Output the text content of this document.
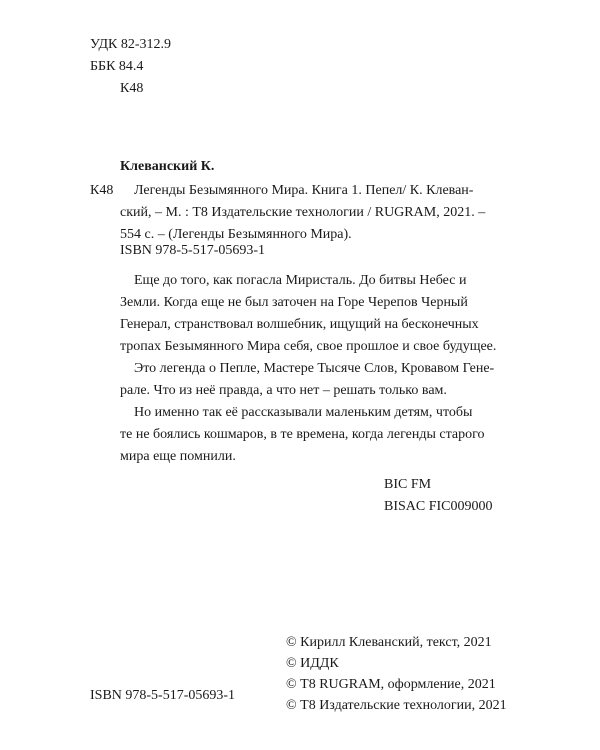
УДК 82-312.9
ББК 84.4
К48
Клеванский К.
К48	Легенды Безымянного Мира. Книга 1. Пепел/ К. Клеван-
ский, – М. : Т8 Издательские технологии / RUGRAM, 2021. –
554 с. – (Легенды Безымянного Мира).
ISBN 978-5-517-05693-1
Еще до того, как погасла Миристаль. До битвы Небес и
Земли. Когда еще не был заточен на Горе Черепов Черный
Генерал, странствовал волшебник, ищущий на бесконечных
тропах Безымянного Мира себя, свое прошлое и свое будущее.
Это легенда о Пепле, Мастере Тысяче Слов, Кровавом Гене-
рале. Что из неё правда, а что нет – решать только вам.
Но именно так её рассказывали маленьким детям, чтобы
те не боялись кошмаров, в те времена, когда легенды старого
мира еще помнили.
BIC FM
BISAC FIC009000
© Кирилл Клеванский, текст, 2021
© ИДДК
© Т8 RUGRAM, оформление, 2021
© Т8 Издательские технологии, 2021
ISBN 978-5-517-05693-1
